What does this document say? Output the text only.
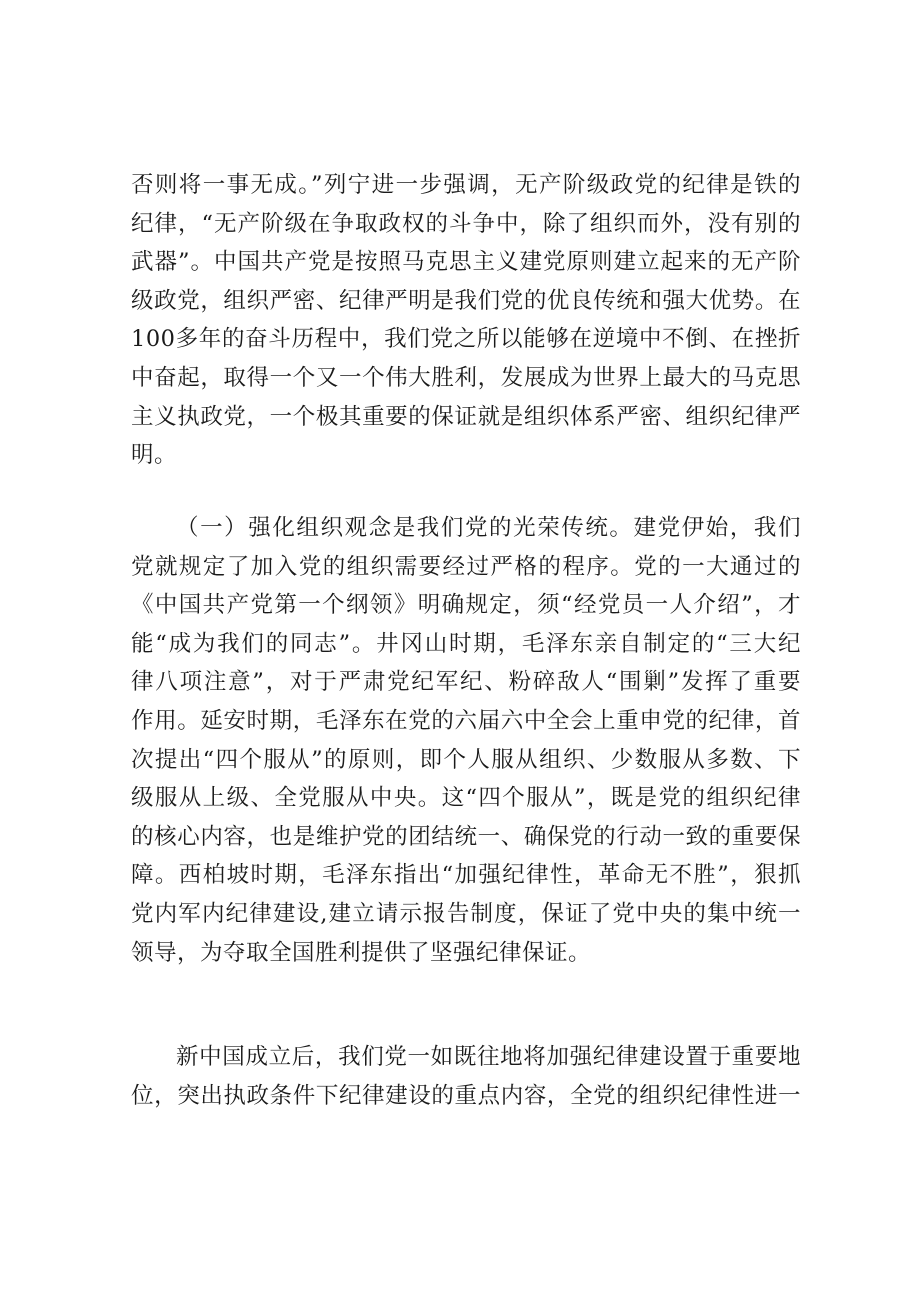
否则将一事无成。”列宁进一步强调，无产阶级政党的纪律是铁的
纪律，“无产阶级在争取政权的斗争中，除了组织而外，没有别的
武器”。中国共产党是按照马克思主义建党原则建立起来的无产阶
级政党，组织严密、纪律严明是我们党的优良传统和强大优势。在
100多年的奋斗历程中，我们党之所以能够在逆境中不倒、在挫折
中奋起，取得一个又一个伟大胜利，发展成为世界上最大的马克思
主义执政党，一个极其重要的保证就是组织体系严密、组织纪律严
明。
（一）强化组织观念是我们党的光荣传统。建党伊始，我们
党就规定了加入党的组织需要经过严格的程序。党的一大通过的
《中国共产党第一个纲领》明确规定，须“经党员一人介绍”，才
能“成为我们的同志”。井冈山时期，毛泽东亲自制定的“三大纪
律八项注意”，对于严肃党纪军纪、粉碎敌人“围剿”发挥了重要
作用。延安时期，毛泽东在党的六届六中全会上重申党的纪律，首
次提出“四个服从”的原则，即个人服从组织、少数服从多数、下
级服从上级、全党服从中央。这“四个服从”，既是党的组织纪律
的核心内容，也是维护党的团结统一、确保党的行动一致的重要保
障。西柏坡时期，毛泽东指出“加强纪律性，革命无不胜”，狠抓
党内军内纪律建设,建立请示报告制度，保证了党中央的集中统一
领导，为夺取全国胜利提供了坚强纪律保证。
新中国成立后，我们党一如既往地将加强纪律建设置于重要地
位，突出执政条件下纪律建设的重点内容，全党的组织纪律性进一
